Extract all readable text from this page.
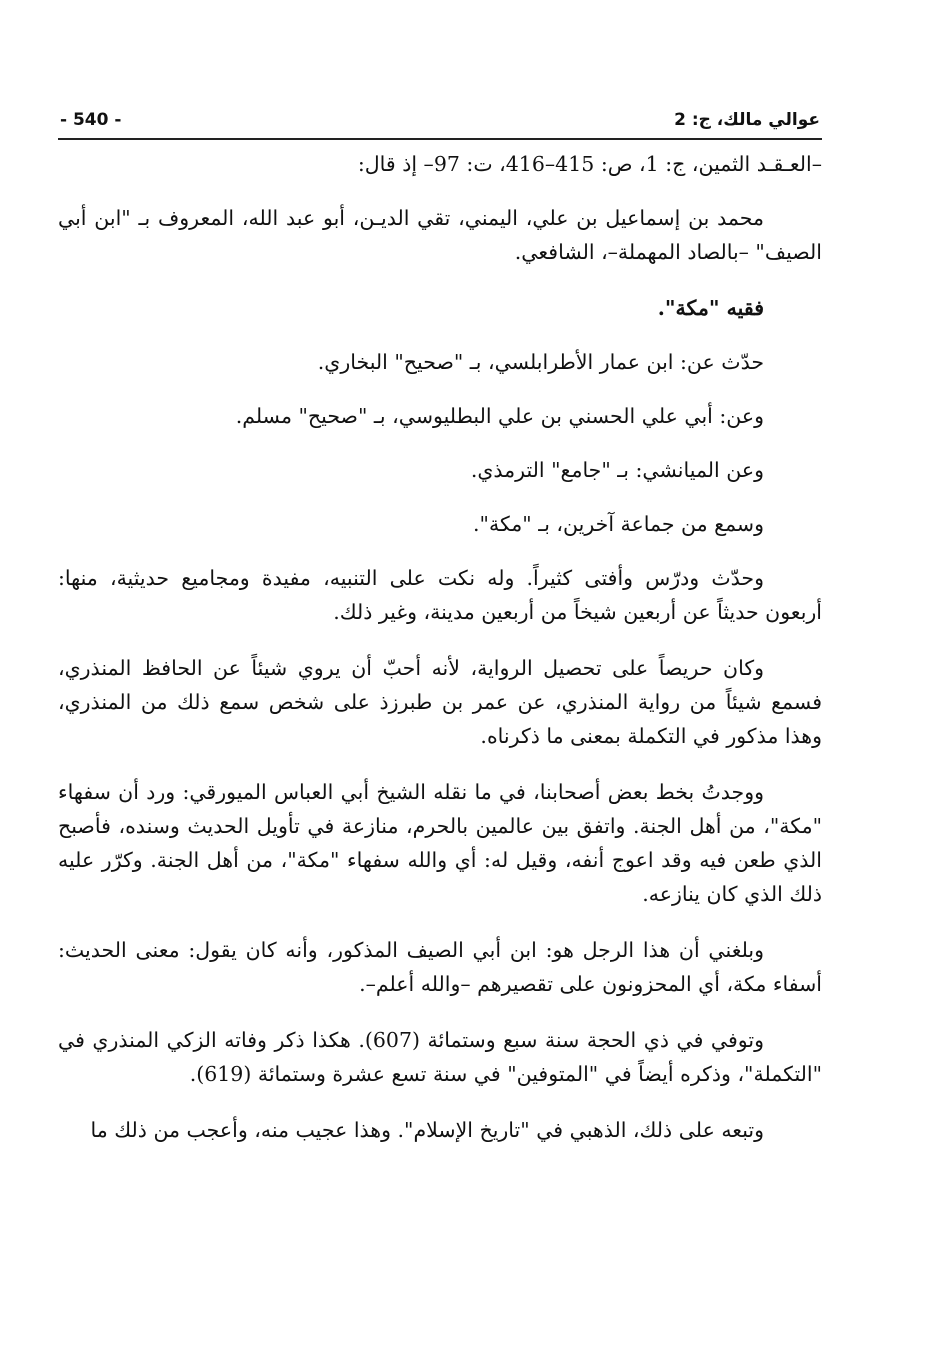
- 540 -	عوالي مالك، ج: 2

–العـقـد الثمين، ج: 1، ص: 415–416، ت: 97– إذ قال:

محمد بن إسماعيل بن علي، اليمني، تقي الديـن، أبو عبد الله، المعروف بـ "ابن أبي الصيف" –بالصاد المهملة–، الشافعي.

فقيه "مكة".

حدّث عن: ابن عمار الأطرابلسي، بـ "صحيح" البخاري.

وعن: أبي علي الحسني بن علي البطليوسي، بـ "صحيح" مسلم.

وعن الميانشي: بـ "جامع" الترمذي.

وسمع من جماعة آخرين، بـ "مكة".

وحدّث ودرّس وأفتى كثيراً. وله نكت على التنبيه، مفيدة ومجاميع حديثية، منها: أربعون حديثاً عن أربعين شيخاً من أربعين مدينة، وغير ذلك.

وكان حريصاً على تحصيل الرواية، لأنه أحبّ أن يروي شيئاً عن الحافظ المنذري، فسمع شيئاً من رواية المنذري، عن عمر بن طبرزذ على شخص سمع ذلك من المنذري، وهذا مذكور في التكملة بمعنى ما ذكرناه.

ووجدتُ بخط بعض أصحابنا، في ما نقله الشيخ أبي العباس الميورقي: ورد أن سفهاء "مكة"، من أهل الجنة. واتفق بين عالمين بالحرم، منازعة في تأويل الحديث وسنده، فأصبح الذي طعن فيه وقد اعوج أنفه، وقيل له: أي والله سفهاء "مكة"، من أهل الجنة. وكرّر عليه ذلك الذي كان ينازعه.

وبلغني أن هذا الرجل هو: ابن أبي الصيف المذكور، وأنه كان يقول: معنى الحديث: أسفاء مكة، أي المحزونون على تقصيرهم –والله أعلم–.

وتوفي في ذي الحجة سنة سبع وستمائة (607). هكذا ذكر وفاته الزكي المنذري في "التكملة"، وذكره أيضاً في "المتوفين" في سنة تسع عشرة وستمائة (619).

وتبعه على ذلك، الذهبي في "تاريخ الإسلام". وهذا عجيب منه، وأعجب من ذلك ما
